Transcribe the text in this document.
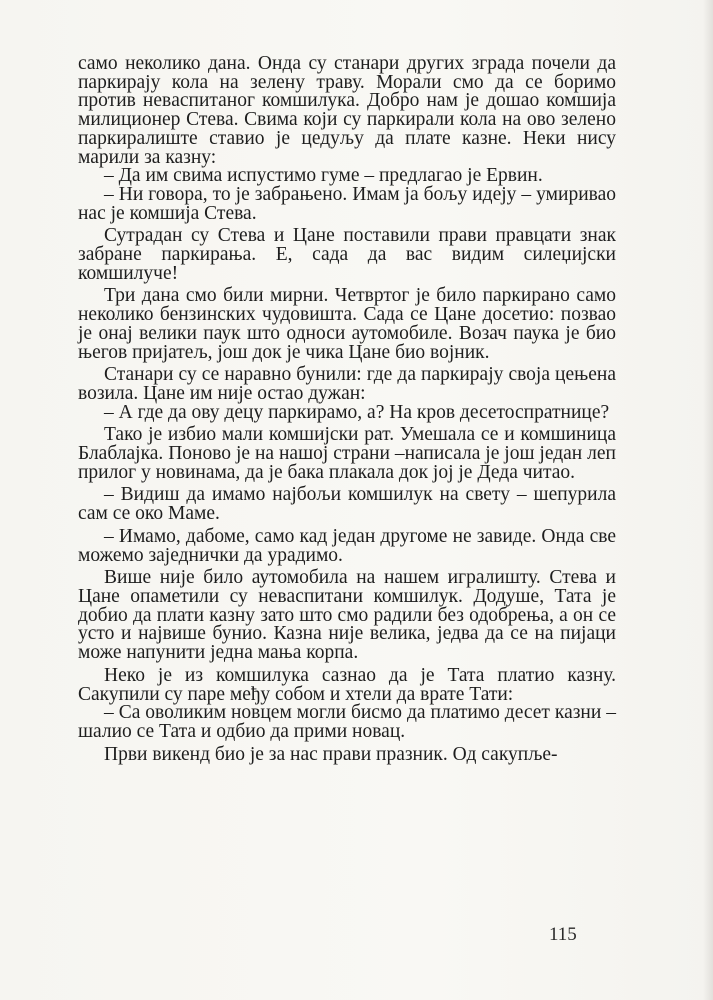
само неколико дана. Онда су станари других зграда почели да паркирају кола на зелену траву. Морали смо да се боримо против невaспитаног комшилука. Добро нам је дошао комшија милиционер Стева. Свима који су паркирали кола на ово зелено паркиралиште ставио је цедуљу да плате казне. Неки нису марили за казну:

– Да им свима испустимо гуме – предлагао је Ервин.

– Ни говора, то је забрањено. Имам ја бољу идеју – умиривао нас је комшија Стева.

Сутрадан су Стева и Цане поставили прави правцати знак забране паркирања. Е, сада да вас видим силеџијски комшилуче!

Три дана смо били мирни. Четвртог је било паркирано само неколико бензинских чудовишта. Сада се Цане досетио: позвао је онај велики паук што односи аутомобиле. Возач паука је био његов пријатељ, још док је чика Цане био војник.

Станари су се наравно бунили: где да паркирају своја цењена возила. Цане им није остао дужан:

– А где да ову децу паркирамо, а? На кров десетоспратнице?

Тако је избио мали комшијски рат. Умешала се и комшиница Блаблајка. Поново је на нашој страни –написала је још један леп прилог у новинама, да је бака плакала док јој је Деда читао.

– Видиш да имамо најбољи комшилук на свету – шепурила сам се око Маме.

– Имамо, дабоме, само кад један другоме не завиде. Онда све можемо заједнички да урадимо.

Више није било аутомобила на нашем игралишту. Стева и Цане опаметили су невaспитани комшилук. Додуше, Тата је добио да плати казну зато што смо радили без одобрења, а он се усто и највише бунио. Казна није велика, једва да се на пијаци може напунити једна мања корпа.

Неко је из комшилука сазнао да је Тата платио казну. Сакупили су паре међу собом и хтели да врате Тати:

– Са оволиким новцем могли бисмо да платимо десет казни – шалио се Тата и одбио да прими новац.

Први викенд био је за нас прави празник. Од сакупље-

115
